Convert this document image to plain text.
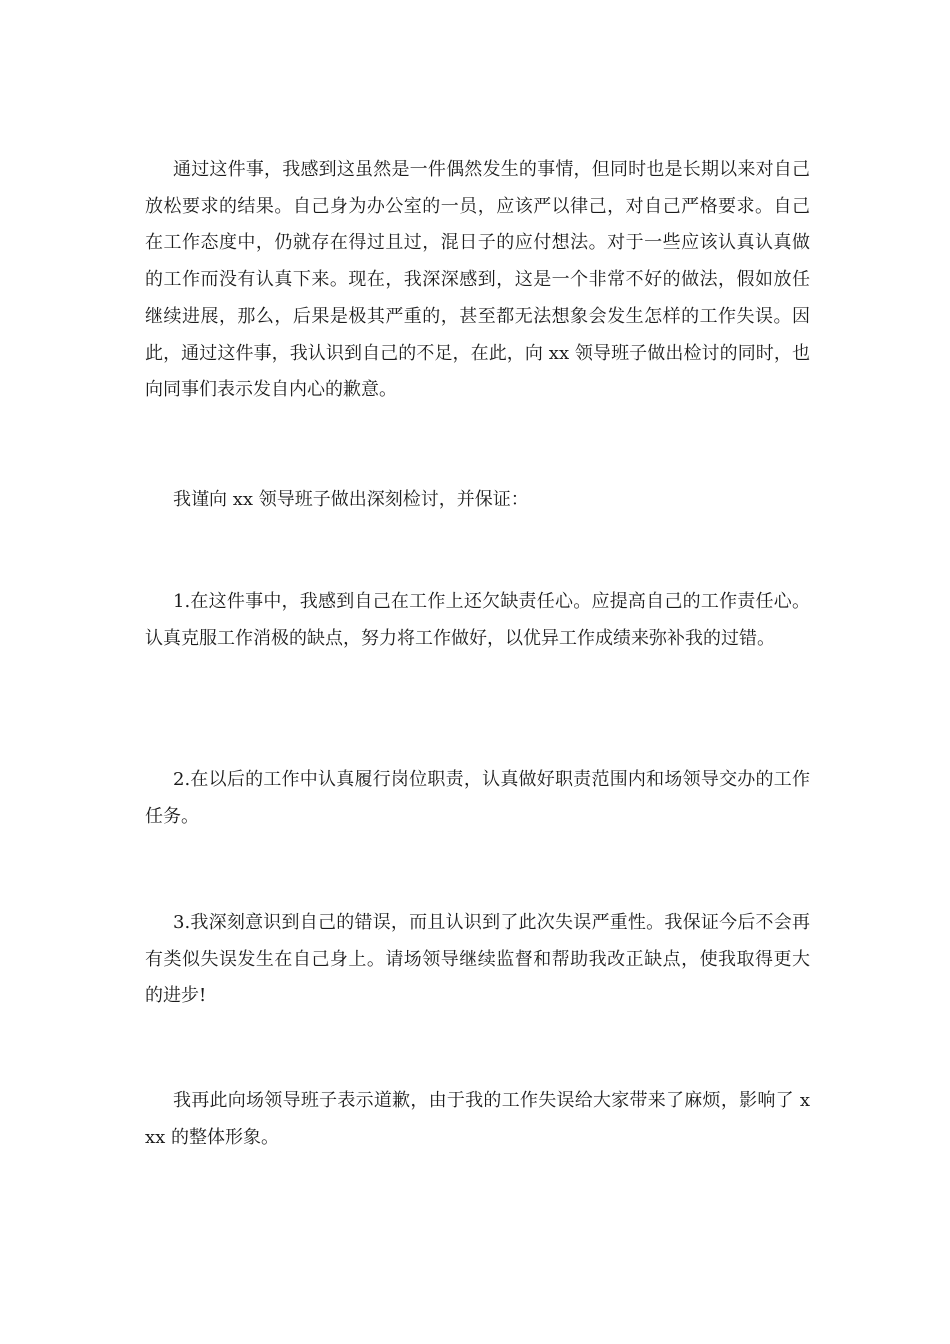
通过这件事，我感到这虽然是一件偶然发生的事情，但同时也是长期以来对自己放松要求的结果。自己身为办公室的一员，应该严以律己，对自己严格要求。自己在工作态度中，仍就存在得过且过，混日子的应付想法。对于一些应该认真认真做的工作而没有认真下来。现在，我深深感到，这是一个非常不好的做法，假如放任继续进展，那么，后果是极其严重的，甚至都无法想象会发生怎样的工作失误。因此，通过这件事，我认识到自己的不足，在此，向 xx 领导班子做出检讨的同时，也向同事们表示发自内心的歉意。

我谨向 xx 领导班子做出深刻检讨，并保证：

1.在这件事中，我感到自己在工作上还欠缺责任心。应提高自己的工作责任心。认真克服工作消极的缺点，努力将工作做好，以优异工作成绩来弥补我的过错。

2.在以后的工作中认真履行岗位职责，认真做好职责范围内和场领导交办的工作任务。

3.我深刻意识到自己的错误，而且认识到了此次失误严重性。我保证今后不会再有类似失误发生在自己身上。请场领导继续监督和帮助我改正缺点，使我取得更大的进步!

我再此向场领导班子表示道歉，由于我的工作失误给大家带来了麻烦，影响了 xxx 的整体形象。
